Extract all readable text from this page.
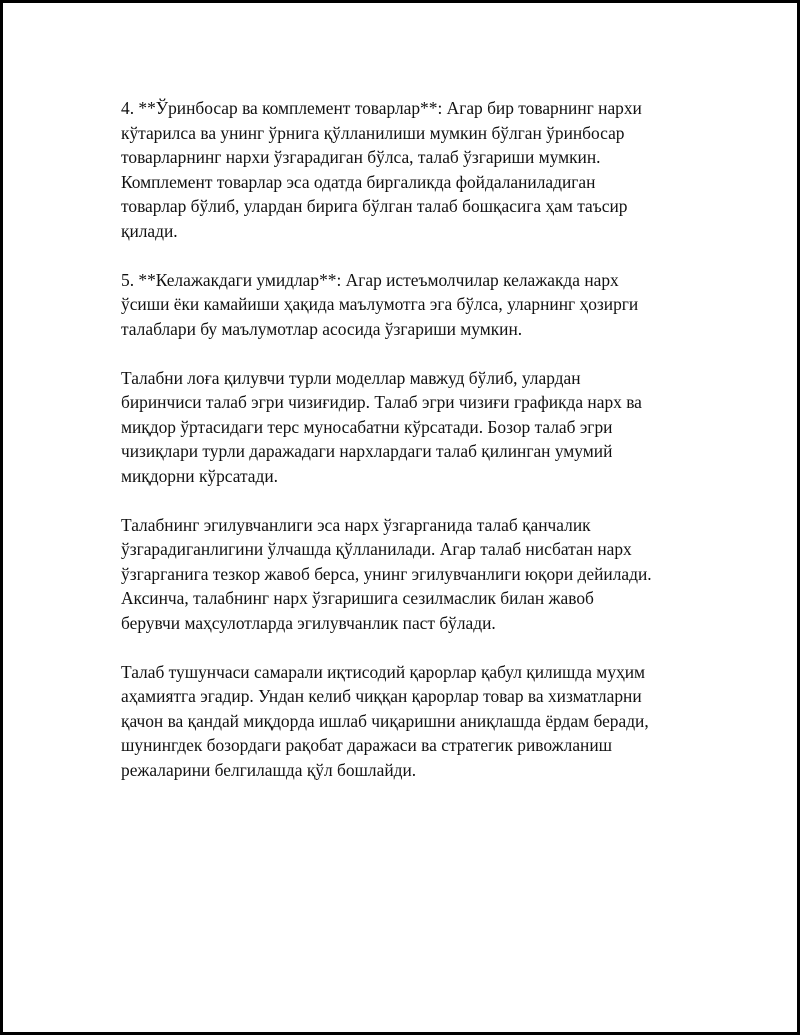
4. **Ўринбосар ва комплемент товарлар**: Агар бир товарнинг нархи
кўтарилса ва унинг ўрнига қўлланилиши мумкин бўлган ўринбосар
товарларнинг нархи ўзгарадиган бўлса, талаб ўзгариши мумкин.
Комплемент товарлар эса одатда биргаликда фойдаланиладиган
товарлар бўлиб, улардан бирига бўлган талаб бошқасига ҳам таъсир
қилади.

5. **Келажакдаги умидлар**: Агар истеъмолчилар келажакда нарх
ўсиши ёки камайиши ҳақида маълумотга эга бўлса, уларнинг ҳозирги
талаблари бу маълумотлар асосида ўзгариши мумкин.

Талабни лоға қилувчи турли моделлар мавжуд бўлиб, улардан
биринчиси талаб эгри чизиғидир. Талаб эгри чизиғи графикда нарх ва
миқдор ўртасидаги терс муносабатни кўрсатади. Бозор талаб эгри
чизиқлари турли даражадаги нархлардаги талаб қилинган умумий
миқдорни кўрсатади.

Талабнинг эгилувчанлиги эса нарх ўзгарганида талаб қанчалик
ўзгарадиганлигини ўлчашда қўлланилади. Агар талаб нисбатан нарх
ўзгарганига тезкор жавоб берса, унинг эгилувчанлиги юқори дейилади.
Аксинча, талабнинг нарх ўзгаришига сезилмаслик билан жавоб
берувчи маҳсулотларда эгилувчанлик паст бўлади.

Талаб тушунчаси самарали иқтисодий қарорлар қабул қилишда муҳим
аҳамиятга эгадир. Ундан келиб чиққан қарорлар товар ва хизматларни
қачон ва қандай миқдорда ишлаб чиқаришни аниқлашда ёрдам беради,
шунингдек бозордаги рақобат даражаси ва стратегик ривожланиш
режаларини белгилашда қўл бошлайди.
